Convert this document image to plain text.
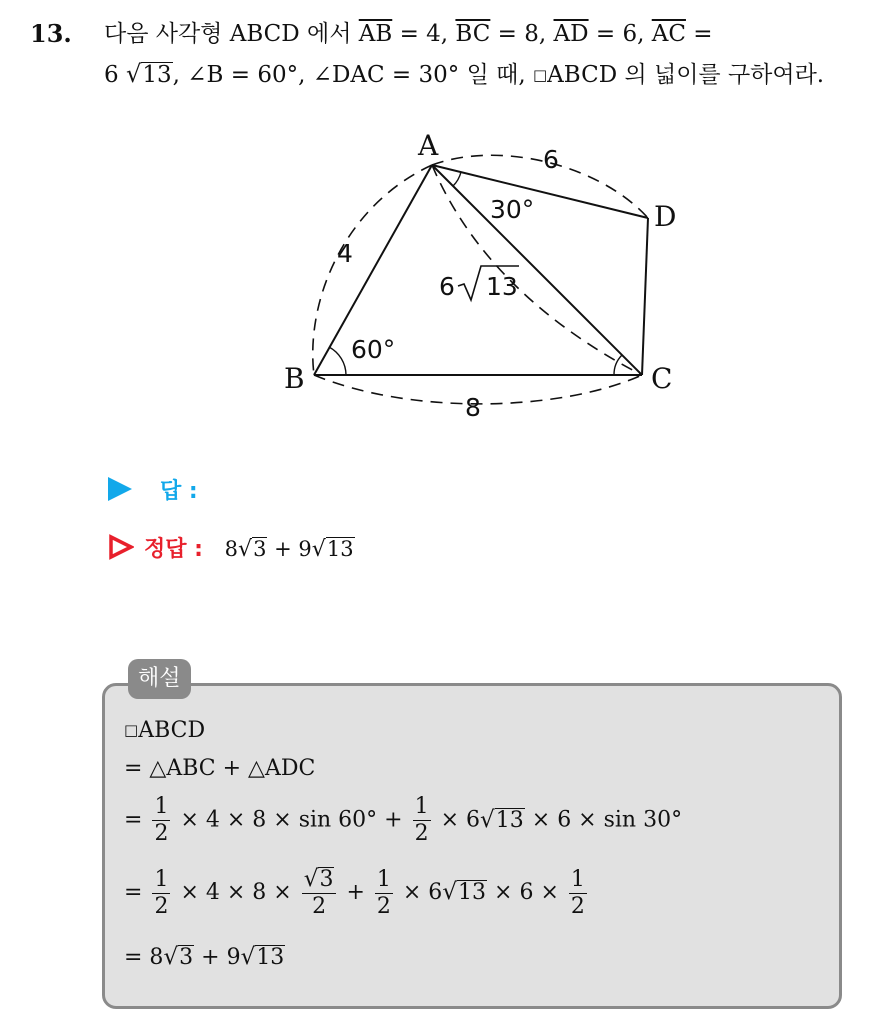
13. 다음 사각형 ABCD 에서 $\overline{AB} = 4$, $\overline{BC} = 8$, $\overline{AD} = 6$, $\overline{AC}$ =
6 √13, ∠B = 60°, ∠DAC = 30° 일 때, □ABCD 의 넓이를 구하여라.
A
B	C
D
4
8
6
60°
30°
6 13
답 :
정답 : 8√3 + 9√13
해설
□ABCD
= △ABC + △ADC
= $\frac{1}{2} \times 4 \times 8 \times \sin 60^\circ + \frac{1}{2} \times 6√13 \times 6 \times \sin 30^\circ$
= $\frac{1}{2} \times 4 \times 8 \times \frac{√3}{2} + \frac{1}{2} \times 6√13 \times 6 \times \frac{1}{2}$
= 8√3 + 9√13
